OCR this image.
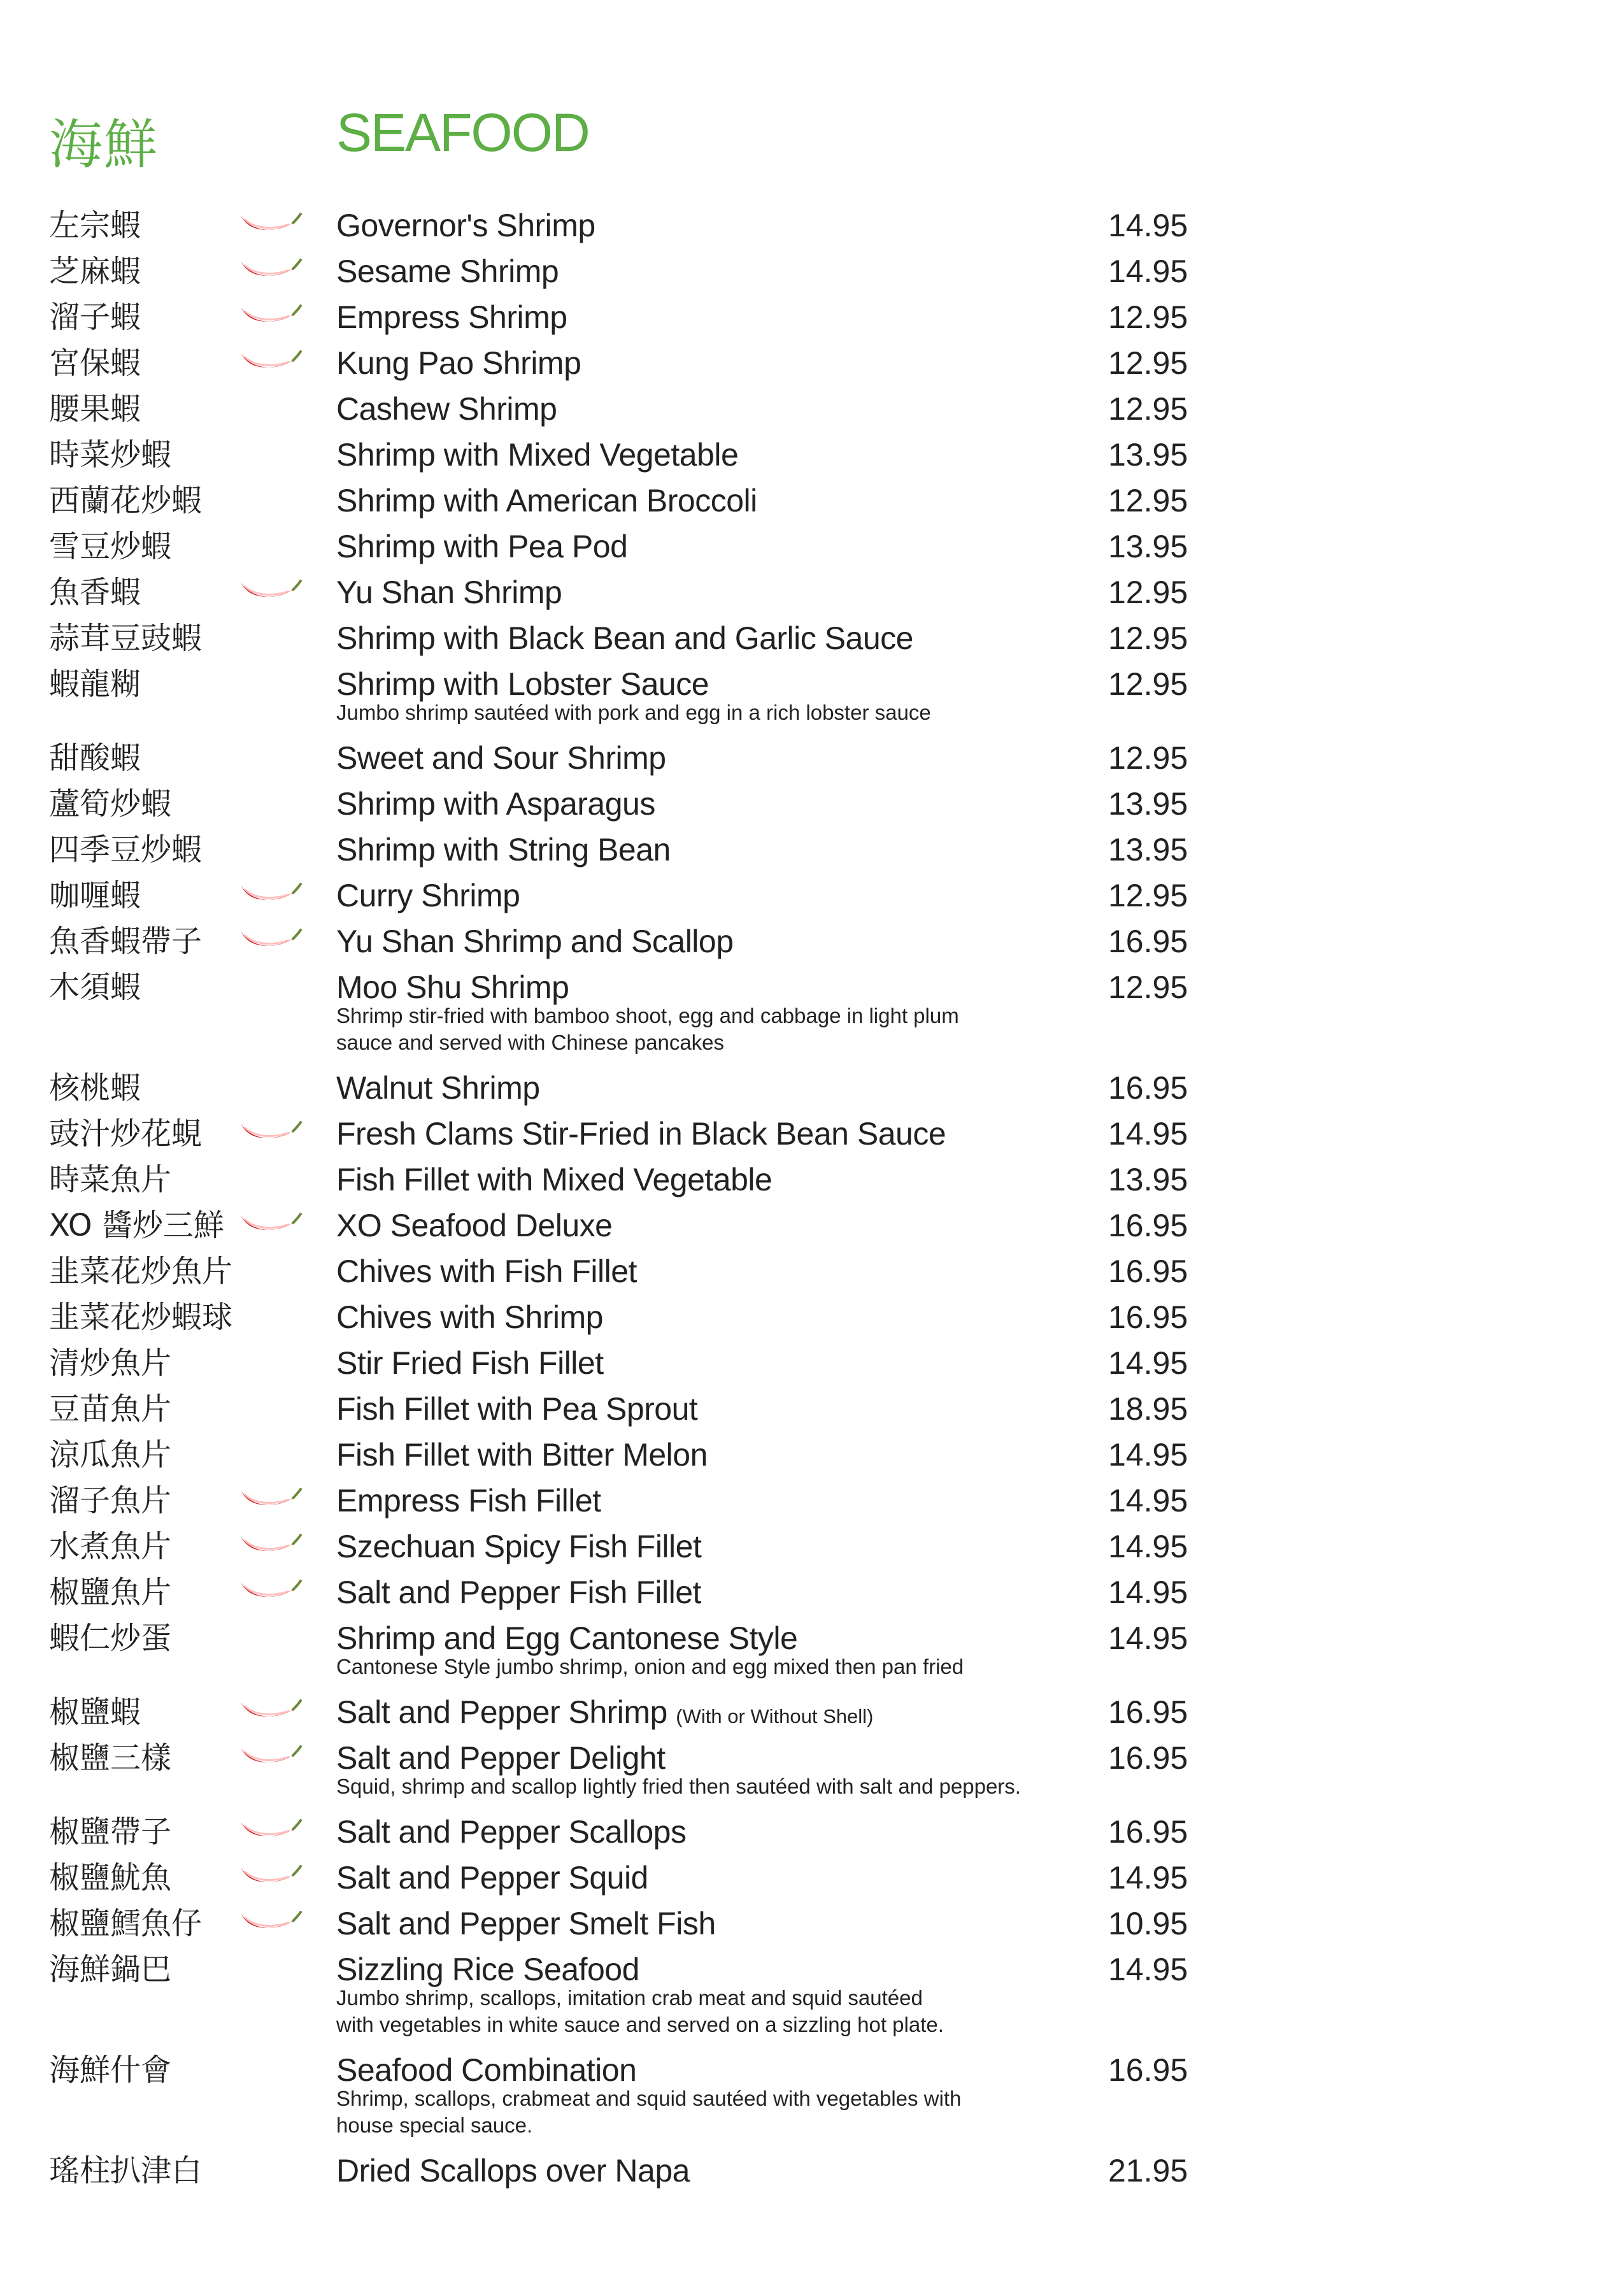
海鮮	SEAFOOD
左宗蝦	Governor's Shrimp	14.95
芝麻蝦	Sesame Shrimp	14.95
溜子蝦	Empress Shrimp	12.95
宮保蝦	Kung Pao Shrimp	12.95
腰果蝦	Cashew Shrimp	12.95
時菜炒蝦	Shrimp with Mixed Vegetable	13.95
西蘭花炒蝦	Shrimp with American Broccoli	12.95
雪豆炒蝦	Shrimp with Pea Pod	13.95
魚香蝦	Yu Shan Shrimp	12.95
蒜茸豆豉蝦	Shrimp with Black Bean and Garlic Sauce	12.95
蝦龍糊	Shrimp with Lobster Sauce	12.95
Jumbo shrimp sautéed with pork and egg in a rich lobster sauce
甜酸蝦	Sweet and Sour Shrimp	12.95
蘆筍炒蝦	Shrimp with Asparagus	13.95
四季豆炒蝦	Shrimp with String Bean	13.95
咖喱蝦	Curry Shrimp	12.95
魚香蝦帶子	Yu Shan Shrimp and Scallop	16.95
木須蝦	Moo Shu Shrimp	12.95
Shrimp stir-fried with bamboo shoot, egg and cabbage in light plum
sauce and served with Chinese pancakes
核桃蝦	Walnut Shrimp	16.95
豉汁炒花蜆	Fresh Clams Stir-Fried in Black Bean Sauce	14.95
時菜魚片	Fish Fillet with Mixed Vegetable	13.95
XO 醬炒三鮮	XO Seafood Deluxe	16.95
韭菜花炒魚片	Chives with Fish Fillet	16.95
韭菜花炒蝦球	Chives with Shrimp	16.95
清炒魚片	Stir Fried Fish Fillet	14.95
豆苗魚片	Fish Fillet with Pea Sprout	18.95
涼瓜魚片	Fish Fillet with Bitter Melon	14.95
溜子魚片	Empress Fish Fillet	14.95
水煮魚片	Szechuan Spicy Fish Fillet	14.95
椒鹽魚片	Salt and Pepper Fish Fillet	14.95
蝦仁炒蛋	Shrimp and Egg Cantonese Style	14.95
Cantonese Style jumbo shrimp, onion and egg mixed then pan fried
椒鹽蝦	Salt and Pepper Shrimp (With or Without Shell)	16.95
椒鹽三樣	Salt and Pepper Delight	16.95
Squid, shrimp and scallop lightly fried then sautéed with salt and peppers.
椒鹽帶子	Salt and Pepper Scallops	16.95
椒鹽魷魚	Salt and Pepper Squid	14.95
椒鹽鱈魚仔	Salt and Pepper Smelt Fish	10.95
海鮮鍋巴	Sizzling Rice Seafood	14.95
Jumbo shrimp, scallops, imitation crab meat and squid sautéed
with vegetables in white sauce and served on a sizzling hot plate.
海鮮什會	Seafood Combination	16.95
Shrimp, scallops, crabmeat and squid sautéed with vegetables with
house special sauce.
瑤柱扒津白	Dried Scallops over Napa	21.95
